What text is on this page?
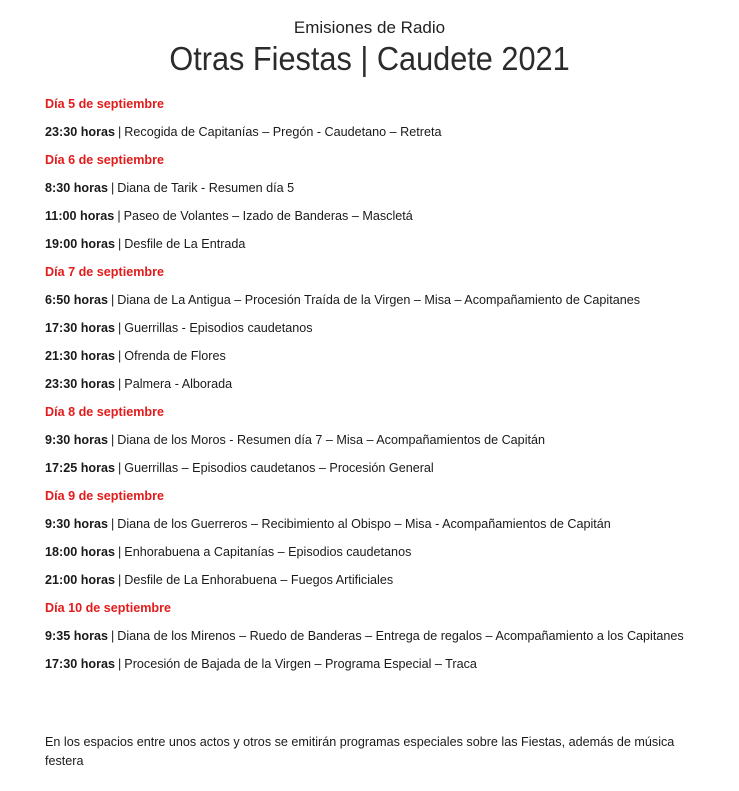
Emisiones de Radio
Otras Fiestas | Caudete 2021
Día 5 de septiembre
23:30 horas | Recogida de Capitanías – Pregón - Caudetano – Retreta
Día 6 de septiembre
8:30 horas | Diana de Tarik - Resumen día 5
11:00 horas | Paseo de Volantes – Izado de Banderas – Mascletá
19:00 horas | Desfile de La Entrada
Día 7 de septiembre
6:50 horas | Diana de La Antigua – Procesión Traída de la Virgen – Misa – Acompañamiento de Capitanes
17:30 horas | Guerrillas - Episodios caudetanos
21:30 horas | Ofrenda de Flores
23:30 horas | Palmera - Alborada
Día 8 de septiembre
9:30 horas | Diana de los Moros - Resumen día 7 – Misa – Acompañamientos de Capitán
17:25 horas | Guerrillas – Episodios caudetanos – Procesión General
Día 9 de septiembre
9:30 horas | Diana de los Guerreros – Recibimiento al Obispo – Misa - Acompañamientos de Capitán
18:00 horas | Enhorabuena a Capitanías – Episodios caudetanos
21:00 horas | Desfile de La Enhorabuena – Fuegos Artificiales
Día 10 de septiembre
9:35 horas | Diana de los Mirenos – Ruedo de Banderas – Entrega de regalos – Acompañamiento a los Capitanes
17:30 horas | Procesión de Bajada de la Virgen – Programa Especial – Traca
En los espacios entre unos actos y otros se emitirán programas especiales sobre las Fiestas, además de música festera
